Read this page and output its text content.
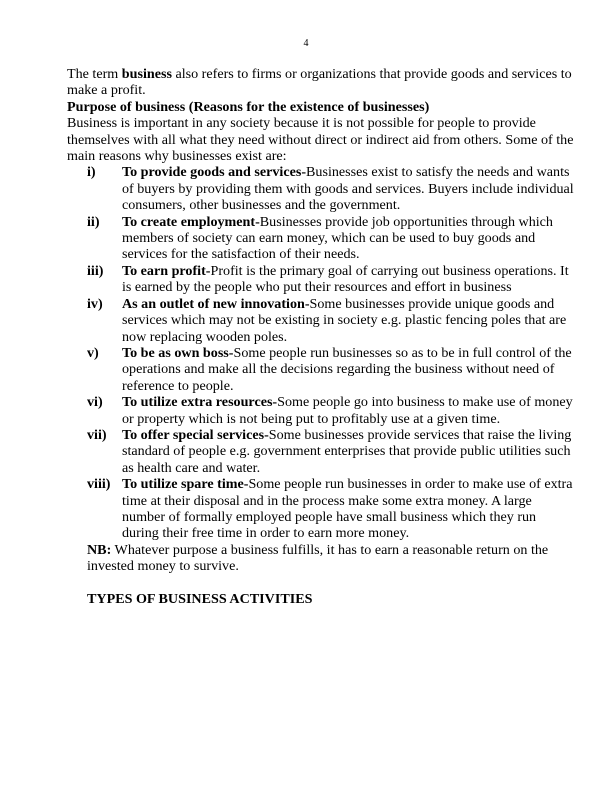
4

The term business also refers to firms or organizations that provide goods and services to make a profit.

Purpose of business (Reasons for the existence of businesses)

Business is important in any society because it is not possible for people to provide themselves with all what they need without direct or indirect aid from others. Some of the main reasons why businesses exist are:

i) To provide goods and services-Businesses exist to satisfy the needs and wants of buyers by providing them with goods and services. Buyers include individual consumers, other businesses and the government.
ii) To create employment-Businesses provide job opportunities through which members of society can earn money, which can be used to buy goods and services for the satisfaction of their needs.
iii) To earn profit-Profit is the primary goal of carrying out business operations. It is earned by the people who put their resources and effort in business
iv) As an outlet of new innovation-Some businesses provide unique goods and services which may not be existing in society e.g. plastic fencing poles that are now replacing wooden poles.
v) To be as own boss-Some people run businesses so as to be in full control of the operations and make all the decisions regarding the business without need of reference to people.
vi) To utilize extra resources-Some people go into business to make use of money or property which is not being put to profitably use at a given time.
vii) To offer special services-Some businesses provide services that raise the living standard of people e.g. government enterprises that provide public utilities such as health care and water.
viii) To utilize spare time-Some people run businesses in order to make use of extra time at their disposal and in the process make some extra money. A large number of formally employed people have small business which they run during their free time in order to earn more money.

NB: Whatever purpose a business fulfills, it has to earn a reasonable return on the invested money to survive.

TYPES OF BUSINESS ACTIVITIES
